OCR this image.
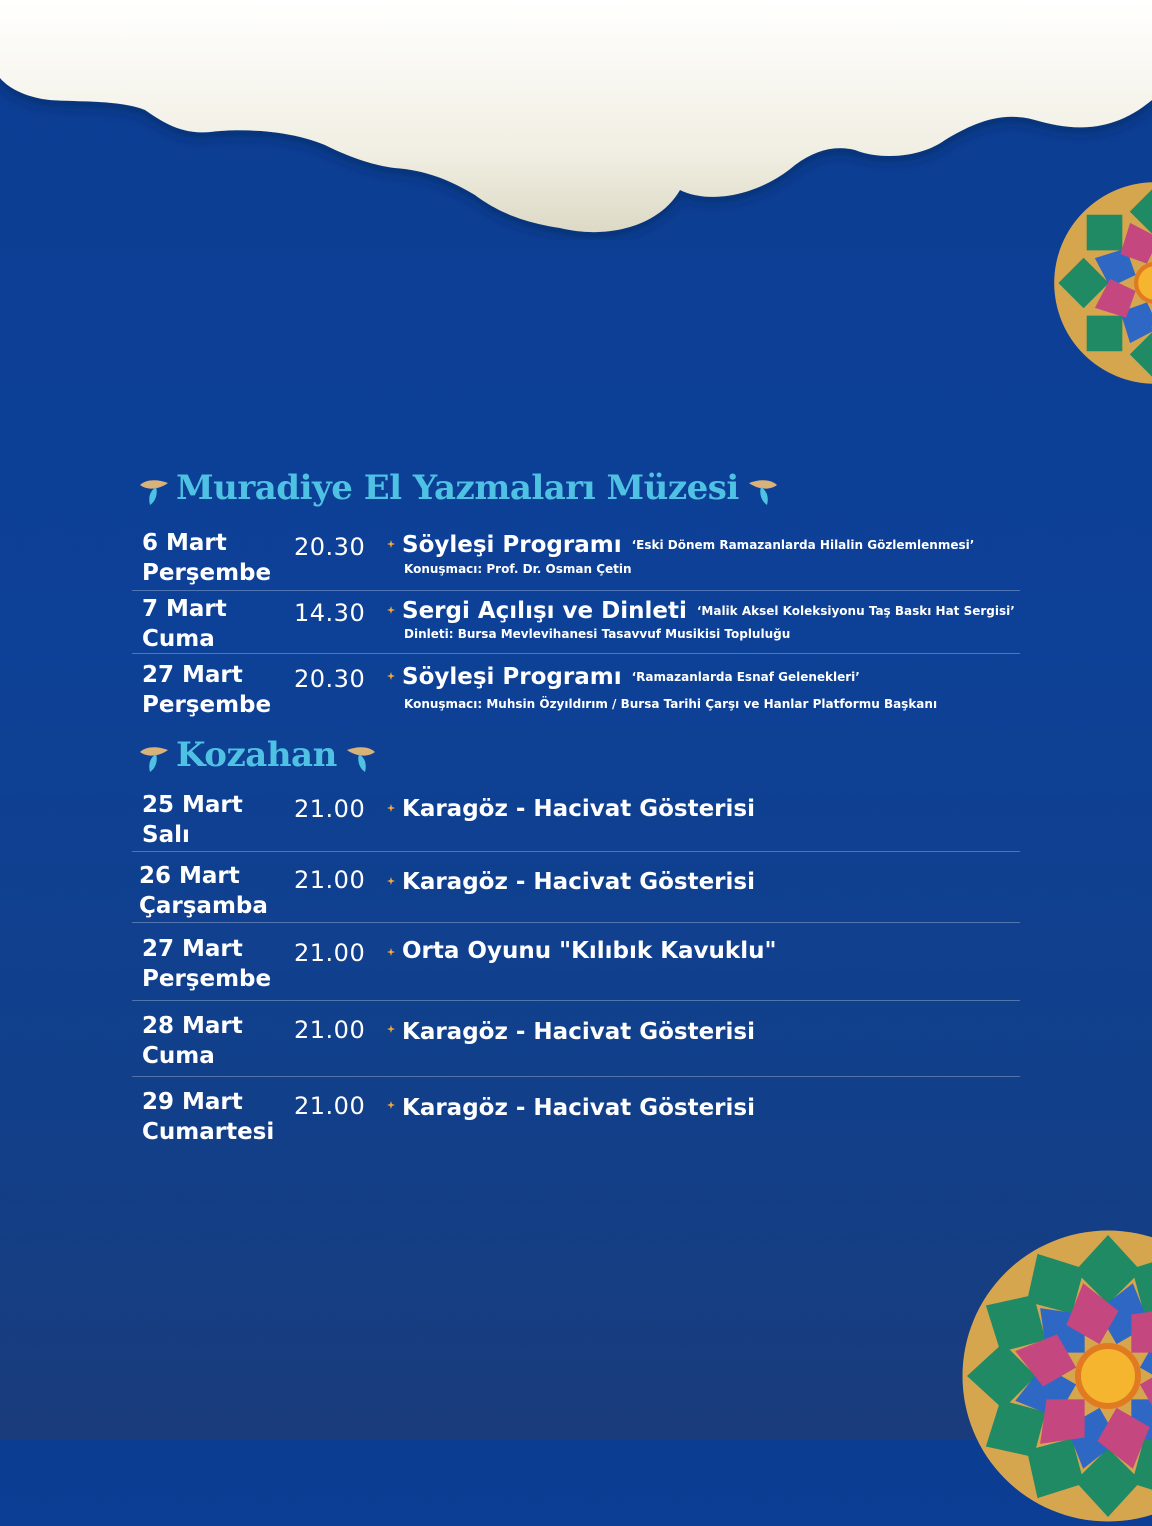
Muradiye El Yazmaları Müzesi
6 Mart
Perşembe
20.30 Söyleşi Programı ‘Eski Dönem Ramazanlarda Hilalin Gözlemlenmesi’
Konuşmacı: Prof. Dr. Osman Çetin
7 Mart
Cuma
14.30 Sergi Açılışı ve Dinleti ‘Malik Aksel Koleksiyonu Taş Baskı Hat Sergisi’
Dinleti: Bursa Mevlevihanesi Tasavvuf Musikisi Topluluğu
27 Mart
Perşembe
20.30 Söyleşi Programı ‘Ramazanlarda Esnaf Gelenekleri’
Konuşmacı: Muhsin Özyıldırım / Bursa Tarihi Çarşı ve Hanlar Platformu Başkanı
Kozahan
25 Mart
Salı
21.00 Karagöz - Hacivat Gösterisi
26 Mart
Çarşamba
21.00 Karagöz - Hacivat Gösterisi
27 Mart
Perşembe
21.00 Orta Oyunu "Kılıbık Kavuklu"
28 Mart
Cuma
21.00 Karagöz - Hacivat Gösterisi
29 Mart
Cumartesi
21.00 Karagöz - Hacivat Gösterisi
